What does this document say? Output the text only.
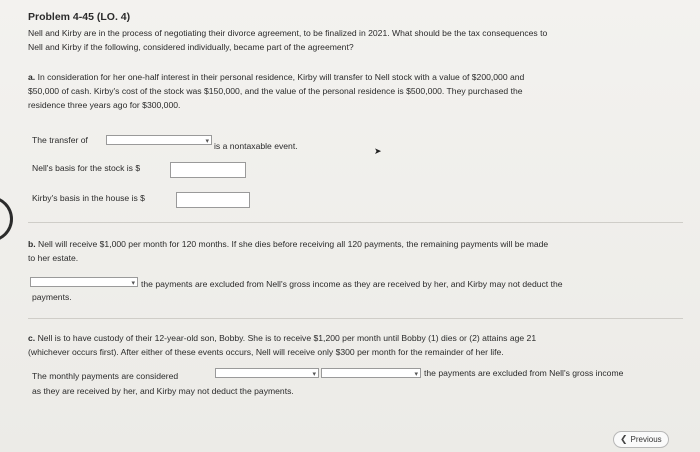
Problem 4-45 (LO. 4)
Nell and Kirby are in the process of negotiating their divorce agreement, to be finalized in 2021. What should be the tax consequences to
Nell and Kirby if the following, considered individually, became part of the agreement?
a. In consideration for her one-half interest in their personal residence, Kirby will transfer to Nell stock with a value of $200,000 and
$50,000 of cash. Kirby's cost of the stock was $150,000, and the value of the personal residence is $500,000. They purchased the
residence three years ago for $300,000.
The transfer of	▾ is a nontaxable event.
Nell's basis for the stock is $
Kirby's basis in the house is $
b. Nell will receive $1,000 per month for 120 months. If she dies before receiving all 120 payments, the remaining payments will be made
to her estate.
▾ the payments are excluded from Nell's gross income as they are received by her, and Kirby may not deduct the
payments.
c. Nell is to have custody of their 12-year-old son, Bobby. She is to receive $1,200 per month until Bobby (1) dies or (2) attains age 21
(whichever occurs first). After either of these events occurs, Nell will receive only $300 per month for the remainder of her life.
The monthly payments are considered	▾	▾ the payments are excluded from Nell's gross income
as they are received by her, and Kirby may not deduct the payments.
➤
❮ Previous
